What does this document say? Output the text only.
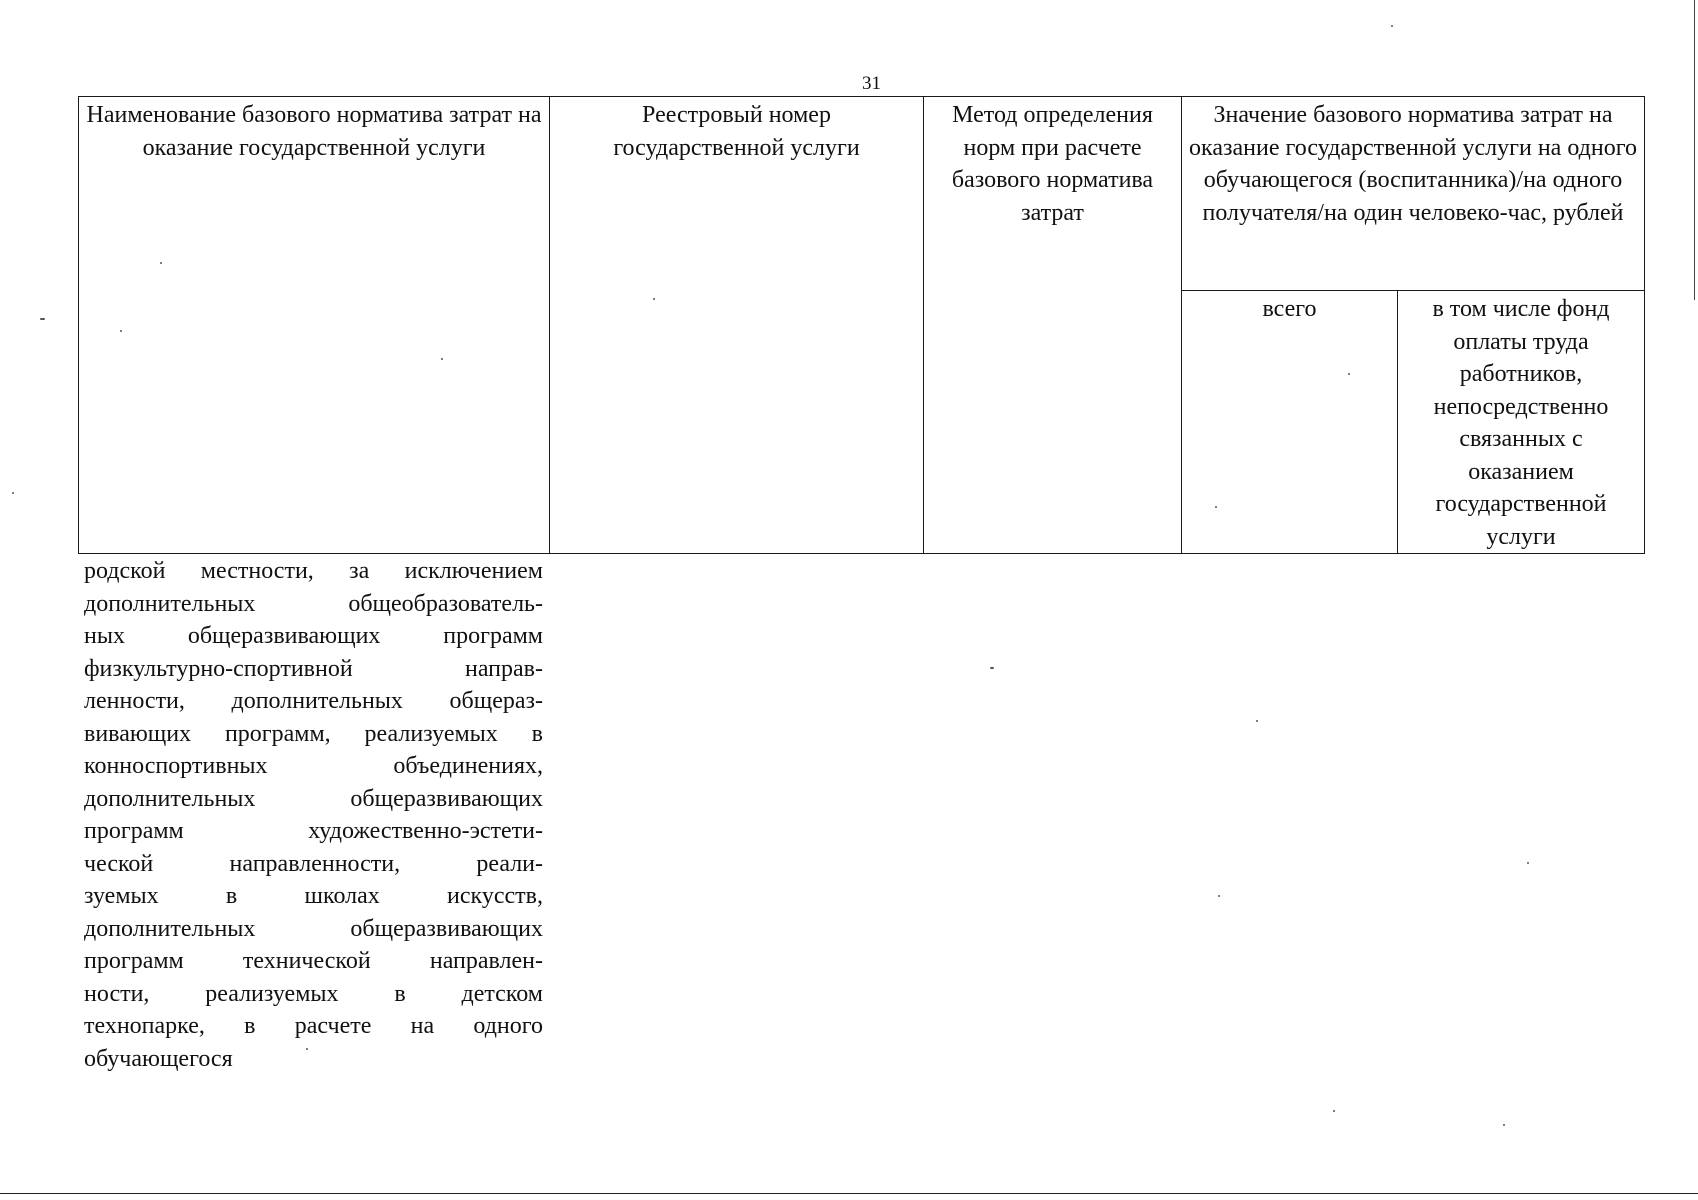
31
Наименование базового норматива затрат на оказание государственной услуги	Реестровый номер государственной услуги	Метод определения норм при расчете базового норматива затрат	Значение базового норматива затрат на оказание государственной услуги на одного обучающегося (воспитанника)/на одного получателя/на один человеко-час, рублей	
			всего	в том числе фонд оплаты труда работников, непосредственно связанных с оказанием государственной услуги
родской местности, за исключением
дополнительных общеобразователь-
ных общеразвивающих программ
физкультурно-спортивной направ-
ленности, дополнительных общераз-
вивающих программ, реализуемых в
конноспортивных объединениях,
дополнительных общеразвивающих
программ художественно-эстети-
ческой направленности, реали-
зуемых в школах искусств,
дополнительных общеразвивающих
программ технической направлен-
ности, реализуемых в детском
технопарке, в расчете на одного
обучающегося
